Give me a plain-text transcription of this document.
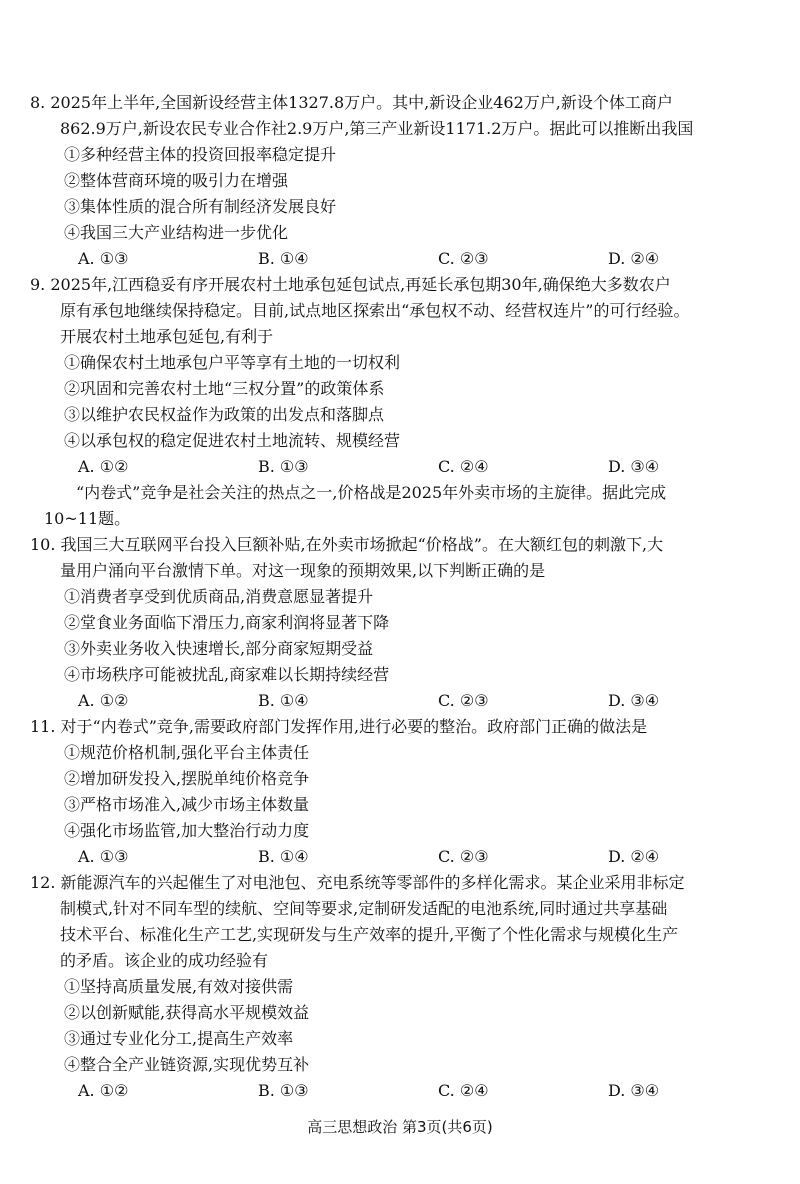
8. 2025年上半年,全国新设经营主体1327.8万户。其中,新设企业462万户,新设个体工商户
862.9万户,新设农民专业合作社2.9万户,第三产业新设1171.2万户。据此可以推断出我国
①多种经营主体的投资回报率稳定提升
②整体营商环境的吸引力在增强
③集体性质的混合所有制经济发展良好
④我国三大产业结构进一步优化
A. ①③	B. ①④	C. ②③	D. ②④
9. 2025年,江西稳妥有序开展农村土地承包延包试点,再延长承包期30年,确保绝大多数农户
原有承包地继续保持稳定。目前,试点地区探索出“承包权不动、经营权连片”的可行经验。
开展农村土地承包延包,有利于
①确保农村土地承包户平等享有土地的一切权利
②巩固和完善农村土地“三权分置”的政策体系
③以维护农民权益作为政策的出发点和落脚点
④以承包权的稳定促进农村土地流转、规模经营
A. ①②	B. ①③	C. ②④	D. ③④
“内卷式”竞争是社会关注的热点之一,价格战是2025年外卖市场的主旋律。据此完成
10~11题。
10. 我国三大互联网平台投入巨额补贴,在外卖市场掀起“价格战”。在大额红包的刺激下,大
量用户涌向平台激情下单。对这一现象的预期效果,以下判断正确的是
①消费者享受到优质商品,消费意愿显著提升
②堂食业务面临下滑压力,商家利润将显著下降
③外卖业务收入快速增长,部分商家短期受益
④市场秩序可能被扰乱,商家难以长期持续经营
A. ①②	B. ①④	C. ②③	D. ③④
11. 对于“内卷式”竞争,需要政府部门发挥作用,进行必要的整治。政府部门正确的做法是
①规范价格机制,强化平台主体责任
②增加研发投入,摆脱单纯价格竞争
③严格市场准入,减少市场主体数量
④强化市场监管,加大整治行动力度
A. ①③	B. ①④	C. ②③	D. ②④
12. 新能源汽车的兴起催生了对电池包、充电系统等零部件的多样化需求。某企业采用非标定
制模式,针对不同车型的续航、空间等要求,定制研发适配的电池系统,同时通过共享基础
技术平台、标准化生产工艺,实现研发与生产效率的提升,平衡了个性化需求与规模化生产
的矛盾。该企业的成功经验有
①坚持高质量发展,有效对接供需
②以创新赋能,获得高水平规模效益
③通过专业化分工,提高生产效率
④整合全产业链资源,实现优势互补
A. ①②	B. ①③	C. ②④	D. ③④
高三思想政治 第3页(共6页)
